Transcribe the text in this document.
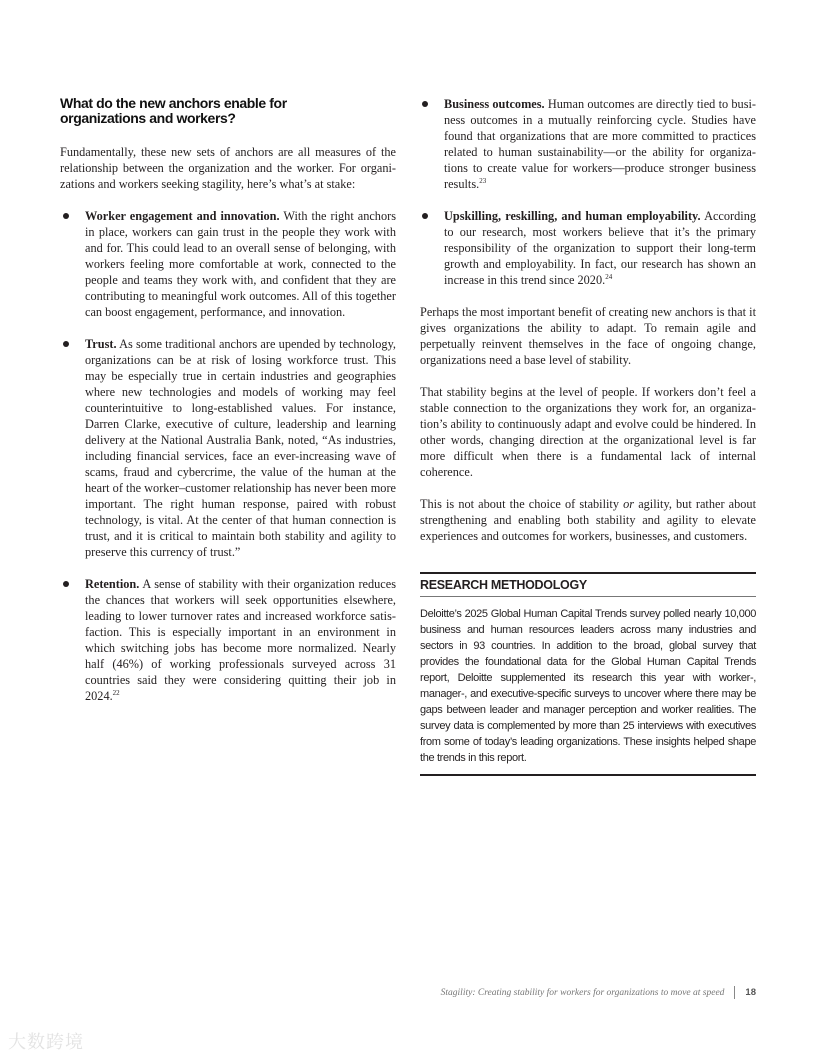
What do the new anchors enable for organizations and workers?

Fundamentally, these new sets of anchors are all measures of the relationship between the organization and the worker. For organizations and workers seeking stagility, here’s what’s at stake:

Worker engagement and innovation. With the right anchors in place, workers can gain trust in the people they work with and for. This could lead to an overall sense of belonging, with workers feeling more comfortable at work, connected to the people and teams they work with, and confident that they are contributing to meaningful work outcomes. All of this together can boost engagement, performance, and innovation.

Trust. As some traditional anchors are upended by technology, organizations can be at risk of losing workforce trust. This may be especially true in certain industries and geographies where new technologies and models of working may feel counterintuitive to long-established values. For instance, Darren Clarke, executive of culture, leadership and learning delivery at the National Australia Bank, noted, “As industries, including financial services, face an ever-increasing wave of scams, fraud and cybercrime, the value of the human at the heart of the worker–customer relationship has never been more important. The right human response, paired with robust technology, is vital. At the center of that human connection is trust, and it is critical to maintain both stability and agility to preserve this currency of trust.”

Retention. A sense of stability with their organization reduces the chances that workers will seek opportunities elsewhere, leading to lower turnover rates and increased workforce satisfaction. This is especially important in an environment in which switching jobs has become more normalized. Nearly half (46%) of working professionals surveyed across 31 countries said they were considering quitting their job in 2024.22

Business outcomes. Human outcomes are directly tied to business outcomes in a mutually reinforcing cycle. Studies have found that organizations that are more committed to practices related to human sustainability—or the ability for organizations to create value for workers—produce stronger business results.$^{23}$

Upskilling, reskilling, and human employability. According to our research, most workers believe that it’s the primary responsibility of the organization to support their long-term growth and employability. In fact, our research has shown an increase in this trend since 2020.24

Perhaps the most important benefit of creating new anchors is that it gives organizations the ability to adapt. To remain agile and perpetually reinvent themselves in the face of ongoing change, organizations need a base level of stability.

That stability begins at the level of people. If workers don’t feel a stable connection to the organizations they work for, an organization’s ability to continuously adapt and evolve could be hindered. In other words, changing direction at the organizational level is far more difficult when there is a fundamental lack of internal coherence.

This is not about the choice of stability or agility, but rather about strengthening and enabling both stability and agility to elevate experiences and outcomes for workers, businesses, and customers.

RESEARCH METHODOLOGY

Deloitte’s 2025 Global Human Capital Trends survey polled nearly 10,000 business and human resources leaders across many industries and sectors in 93 countries. In addition to the broad, global survey that provides the foundational data for the Global Human Capital Trends report, Deloitte supplemented its research this year with worker-, manager-, and executive-specific surveys to uncover where there may be gaps between leader and manager perception and worker realities. The survey data is complemented by more than 25 interviews with executives from some of today’s leading organizations. These insights helped shape the trends in this report.

Stagility: Creating stability for workers for organizations to move at speed 18
大数跨境
